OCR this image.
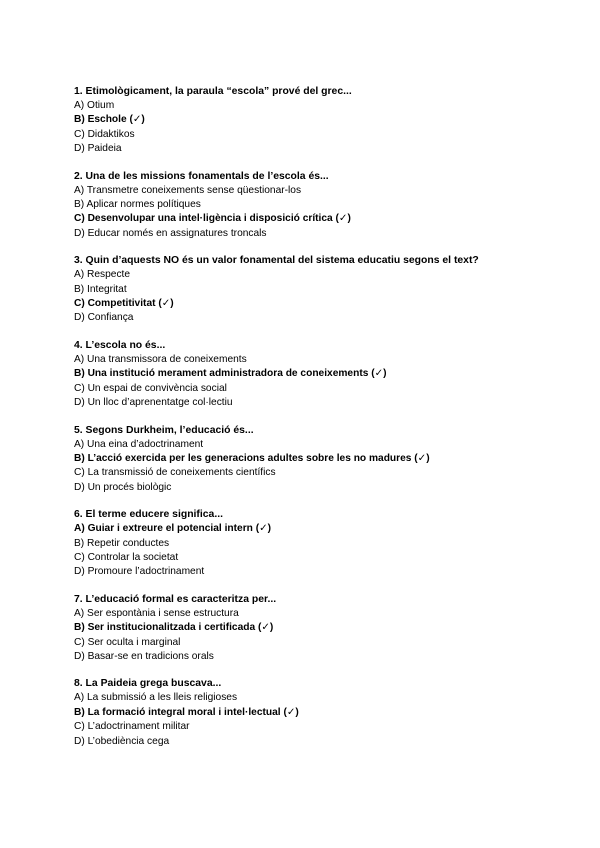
1. Etimològicament, la paraula “escola” prové del grec...

A) Otium

B) Eschole (✓)

C) Didaktikos

D) Paideia

2. Una de les missions fonamentals de l’escola és...

A) Transmetre coneixements sense qüestionar-los

B) Aplicar normes polítiques

C) Desenvolupar una intel·ligència i disposició crítica (✓)

D) Educar només en assignatures troncals

3. Quin d’aquests NO és un valor fonamental del sistema educatiu segons el text?

A) Respecte

B) Integritat

C) Competitivitat (✓)

D) Confiança

4. L’escola no és...

A) Una transmissora de coneixements

B) Una institució merament administradora de coneixements (✓)

C) Un espai de convivència social

D) Un lloc d’aprenentatge col·lectiu

5. Segons Durkheim, l’educació és...

A) Una eina d’adoctrinament

B) L’acció exercida per les generacions adultes sobre les no madures (✓)

C) La transmissió de coneixements científics

D) Un procés biològic

6. El terme educere significa...

A) Guiar i extreure el potencial intern (✓)

B) Repetir conductes

C) Controlar la societat

D) Promoure l’adoctrinament

7. L’educació formal es caracteritza per...

A) Ser espontània i sense estructura

B) Ser institucionalitzada i certificada (✓)

C) Ser oculta i marginal

D) Basar-se en tradicions orals

8. La Paideia grega buscava...

A) La submissió a les lleis religioses

B) La formació integral moral i intel·lectual (✓)

C) L’adoctrinament militar

D) L’obediència cega
